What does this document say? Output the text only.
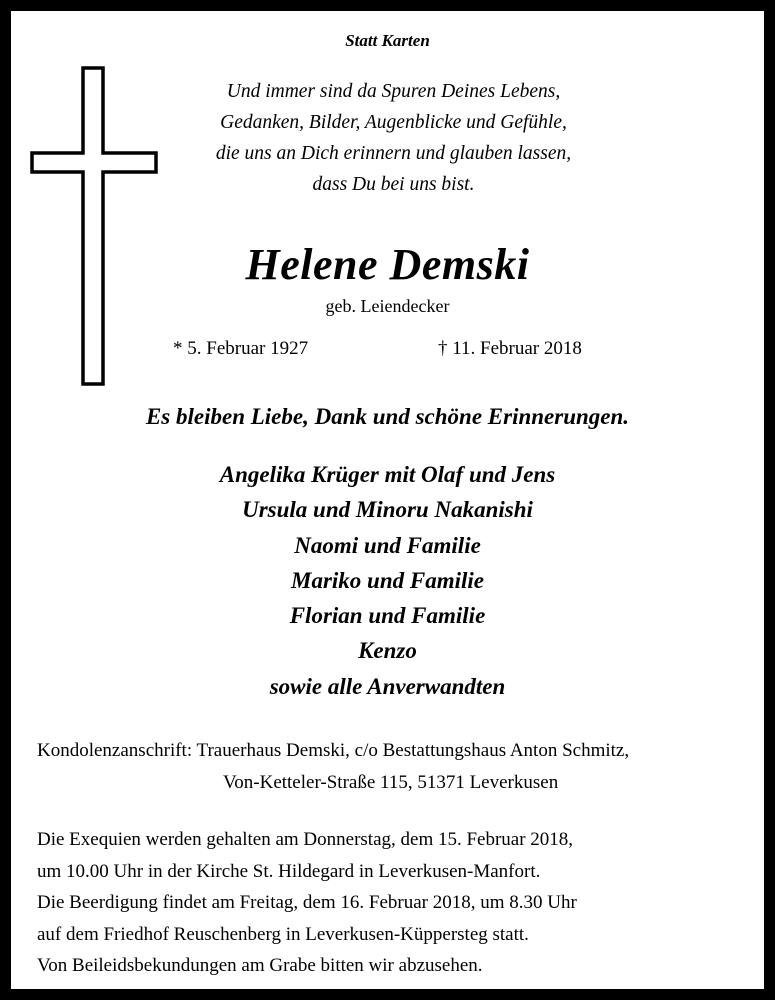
Statt Karten
Und immer sind da Spuren Deines Lebens,
Gedanken, Bilder, Augenblicke und Gefühle,
die uns an Dich erinnern und glauben lassen,
dass Du bei uns bist.
Helene Demski
geb. Leiendecker
* 5. Februar 1927	† 11. Februar 2018
Es bleiben Liebe, Dank und schöne Erinnerungen.
Angelika Krüger mit Olaf und Jens
Ursula und Minoru Nakanishi
Naomi und Familie
Mariko und Familie
Florian und Familie
Kenzo
sowie alle Anverwandten
Kondolenzanschrift: Trauerhaus Demski, c/o Bestattungshaus Anton Schmitz,
Von-Ketteler-Straße 115, 51371 Leverkusen
Die Exequien werden gehalten am Donnerstag, dem 15. Februar 2018,
um 10.00 Uhr in der Kirche St. Hildegard in Leverkusen-Manfort.
Die Beerdigung findet am Freitag, dem 16. Februar 2018, um 8.30 Uhr
auf dem Friedhof Reuschenberg in Leverkusen-Küppersteg statt.
Von Beileidsbekundungen am Grabe bitten wir abzusehen.
